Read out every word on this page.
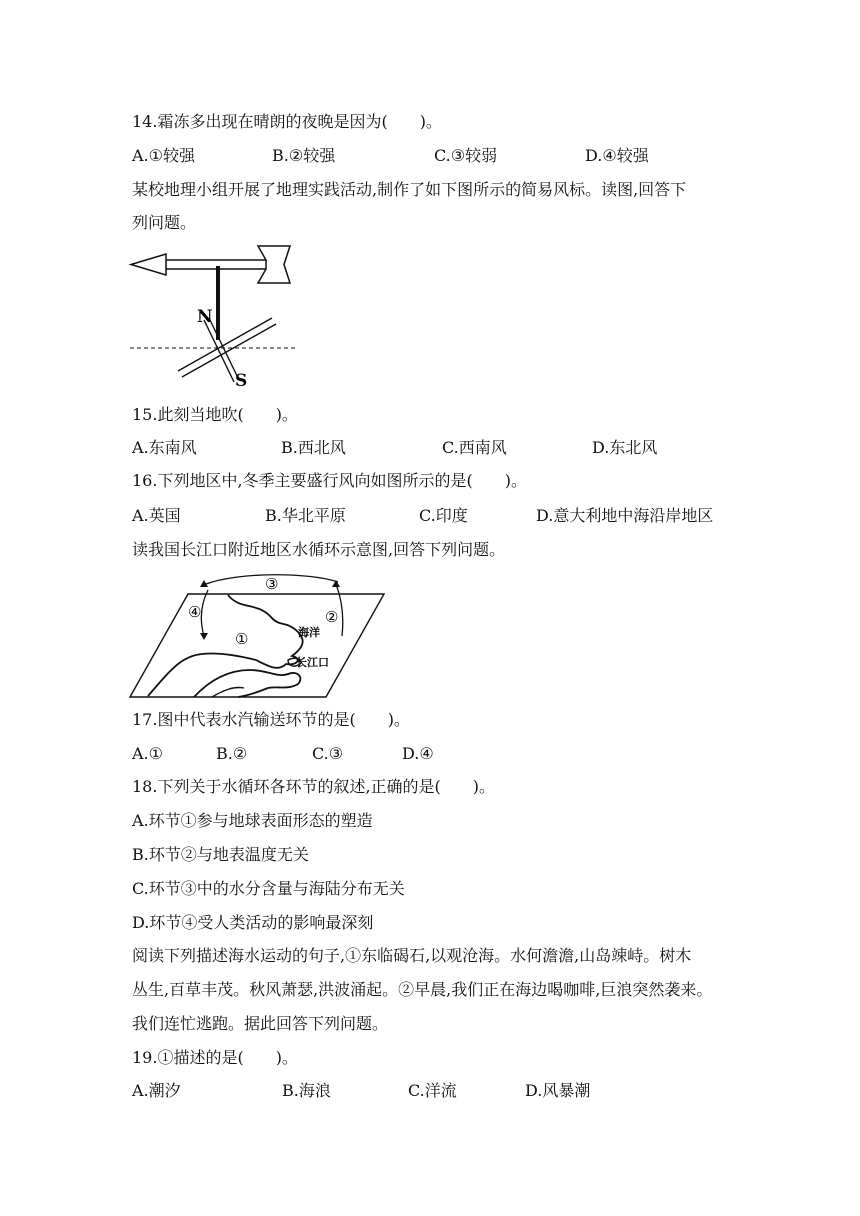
14.霜冻多出现在晴朗的夜晚是因为(　　)。
A.①较强	B.②较强	C.③较弱	D.④较强
某校地理小组开展了地理实践活动,制作了如下图所示的简易风标。读图,回答下
列问题。
N
S
15.此刻当地吹(　　)。
A.东南风	B.西北风	C.西南风	D.东北风
16.下列地区中,冬季主要盛行风向如图所示的是(　　)。
A.英国	B.华北平原	C.印度	D.意大利地中海沿岸地区
读我国长江口附近地区水循环示意图,回答下列问题。
③
②
④
①	海洋
长江口
17.图中代表水汽输送环节的是(　　)。
A.①	B.②	C.③	D.④
18.下列关于水循环各环节的叙述,正确的是(　　)。
A.环节①参与地球表面形态的塑造
B.环节②与地表温度无关
C.环节③中的水分含量与海陆分布无关
D.环节④受人类活动的影响最深刻
阅读下列描述海水运动的句子,①东临碣石,以观沧海。水何澹澹,山岛竦峙。树木
丛生,百草丰茂。秋风萧瑟,洪波涌起。②早晨,我们正在海边喝咖啡,巨浪突然袭来。
我们连忙逃跑。据此回答下列问题。
19.①描述的是(　　)。
A.潮汐	B.海浪	C.洋流	D.风暴潮
